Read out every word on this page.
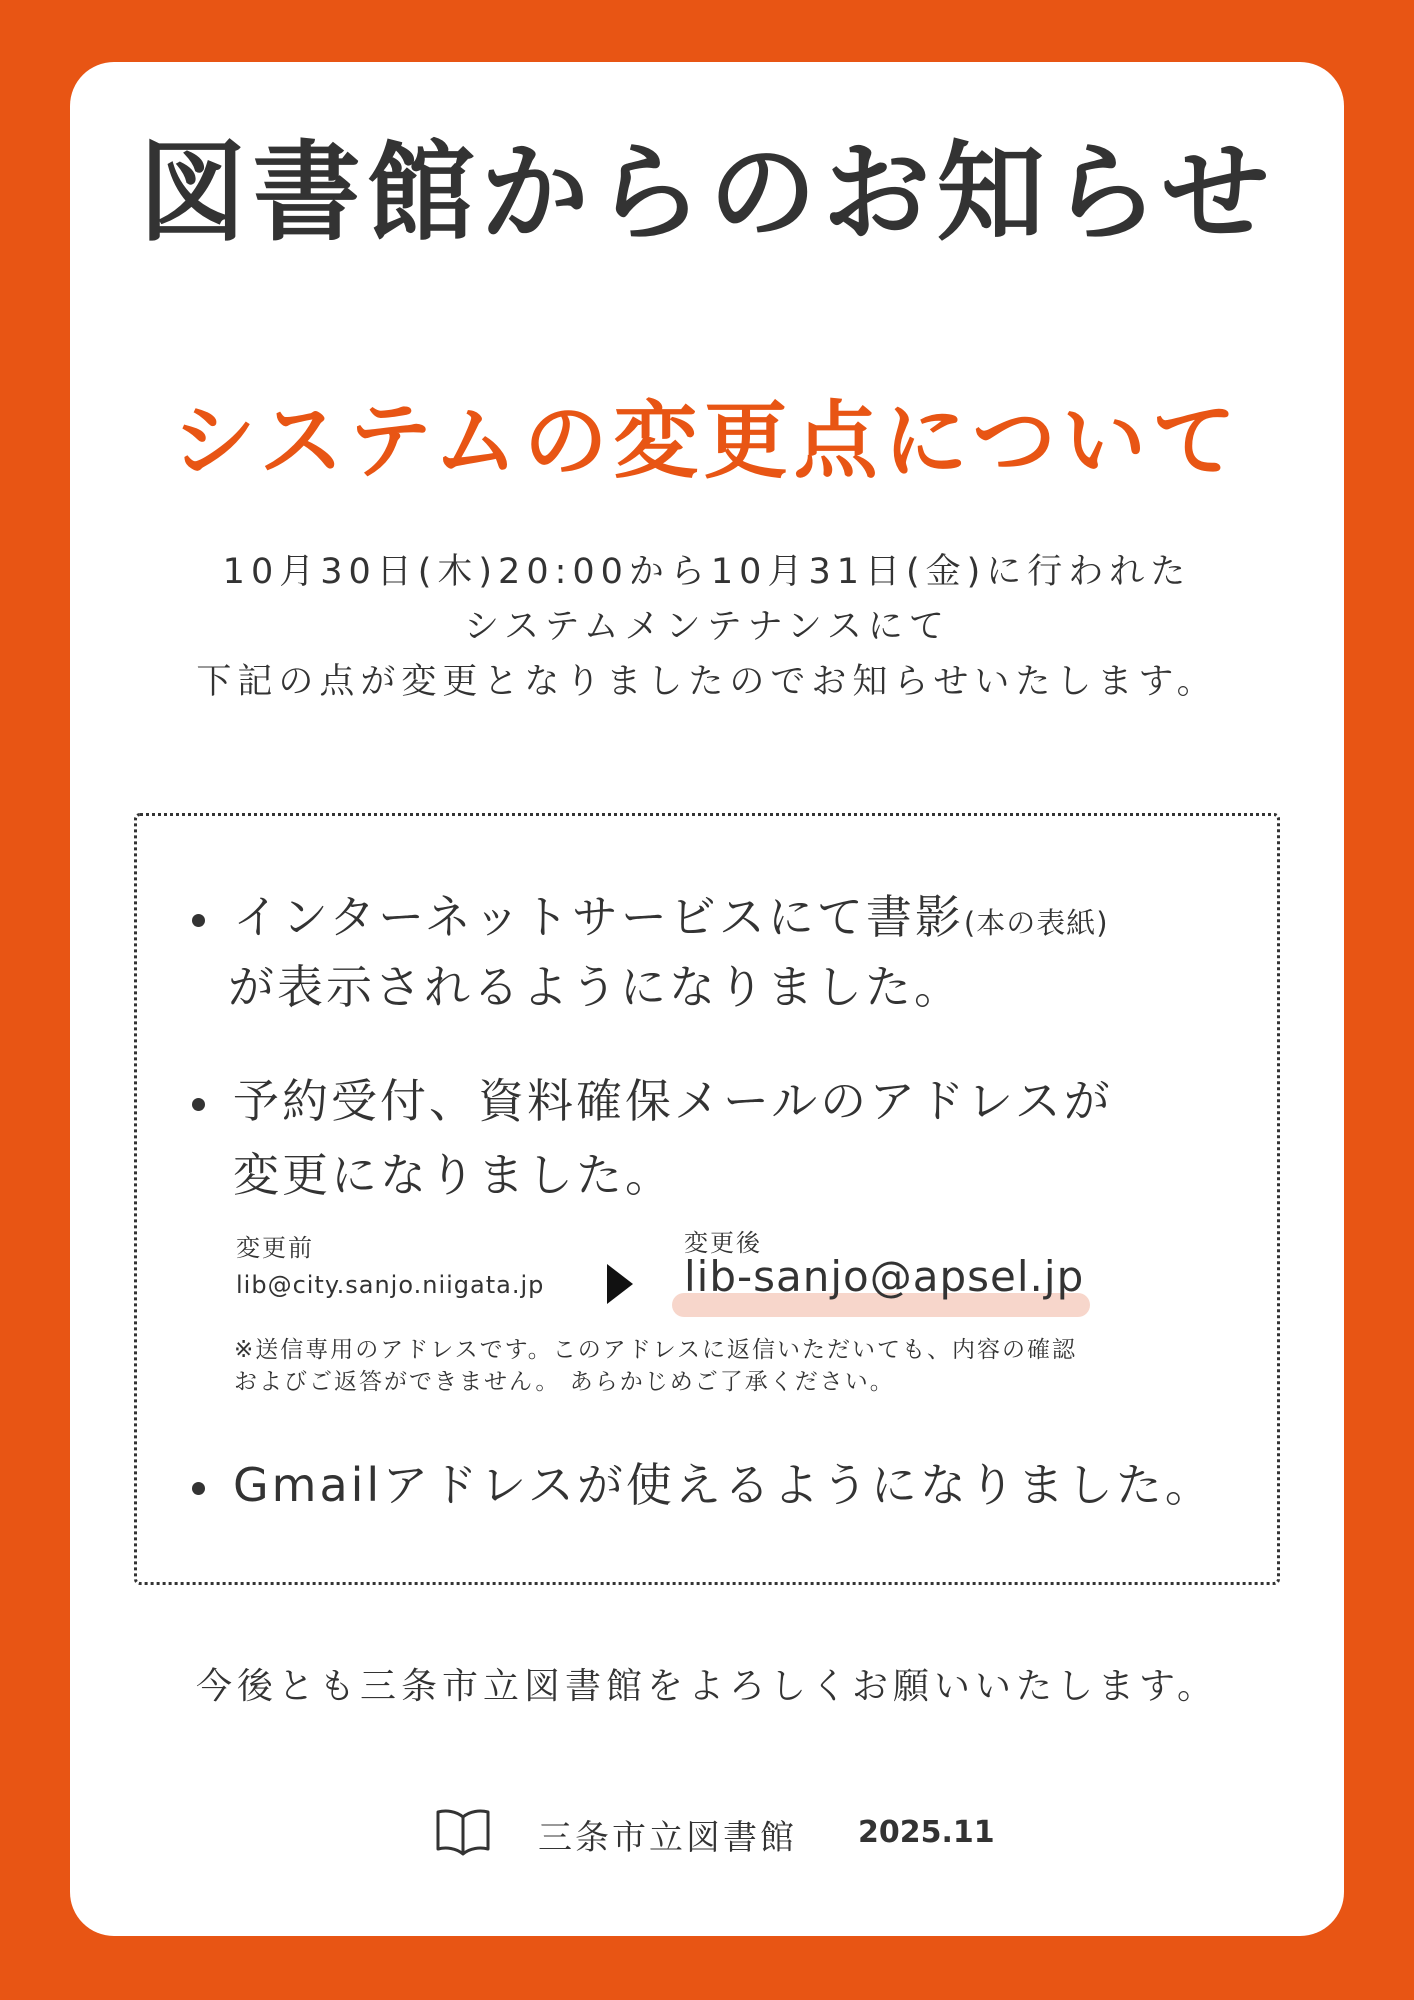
図書館からのお知らせ
システムの変更点について
10月30日(木)20:00から10月31日(金)に行われた
システムメンテナンスにて
下記の点が変更となりましたのでお知らせいたします。
インターネットサービスにて書影(本の表紙)
が表示されるようになりました。
予約受付、資料確保メールのアドレスが
変更になりました。
変更前
lib@city.sanjo.niigata.jp
変更後
lib-sanjo@apsel.jp
※送信専用のアドレスです。このアドレスに返信いただいても、内容の確認
およびご返答ができません。 あらかじめご了承ください。
Gmailアドレスが使えるようになりました。
今後とも三条市立図書館をよろしくお願いいたします。
三条市立図書館 2025.11
